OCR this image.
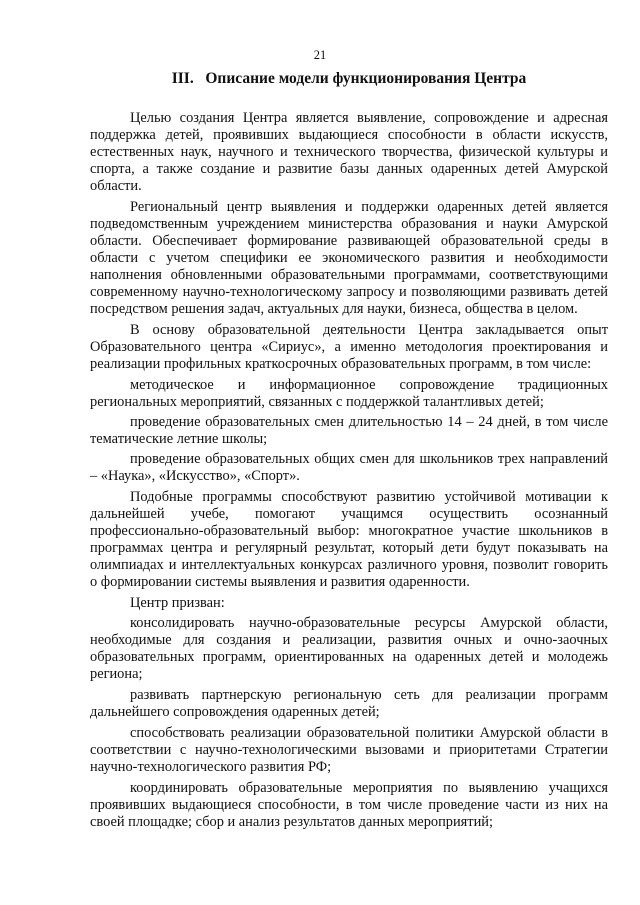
21
III. Описание модели функционирования Центра

Целью создания Центра является выявление, сопровождение и адресная поддержка детей, проявивших выдающиеся способности в области искусств, естественных наук, научного и технического творчества, физической культуры и спорта, а также создание и развитие базы данных одаренных детей Амурской области.

Региональный центр выявления и поддержки одаренных детей является подведомственным учреждением министерства образования и науки Амурской области. Обеспечивает формирование развивающей образовательной среды в области с учетом специфики ее экономического развития и необходимости наполнения обновленными образовательными программами, соответствующими современному научно-технологическому запросу и позволяющими развивать детей посредством решения задач, актуальных для науки, бизнеса, общества в целом.

В основу образовательной деятельности Центра закладывается опыт Образовательного центра «Сириус», а именно методология проектирования и реализации профильных краткосрочных образовательных программ, в том числе:

методическое и информационное сопровождение традиционных региональных мероприятий, связанных с поддержкой талантливых детей;

проведение образовательных смен длительностью 14 – 24 дней, в том числе тематические летние школы;

проведение образовательных общих смен для школьников трех направлений – «Наука», «Искусство», «Спорт».

Подобные программы способствуют развитию устойчивой мотивации к дальнейшей учебе, помогают учащимся осуществить осознанный профессионально-образовательный выбор: многократное участие школьников в программах центра и регулярный результат, который дети будут показывать на олимпиадах и интеллектуальных конкурсах различного уровня, позволит говорить о формировании системы выявления и развития одаренности.

Центр призван:

консолидировать научно-образовательные ресурсы Амурской области, необходимые для создания и реализации, развития очных и очно-заочных образовательных программ, ориентированных на одаренных детей и молодежь региона;

развивать партнерскую региональную сеть для реализации программ дальнейшего сопровождения одаренных детей;

способствовать реализации образовательной политики Амурской области в соответствии с научно-технологическими вызовами и приоритетами Стратегии научно-технологического развития РФ;

координировать образовательные мероприятия по выявлению учащихся проявивших выдающиеся способности, в том числе проведение части из них на своей площадке; сбор и анализ результатов данных мероприятий;
